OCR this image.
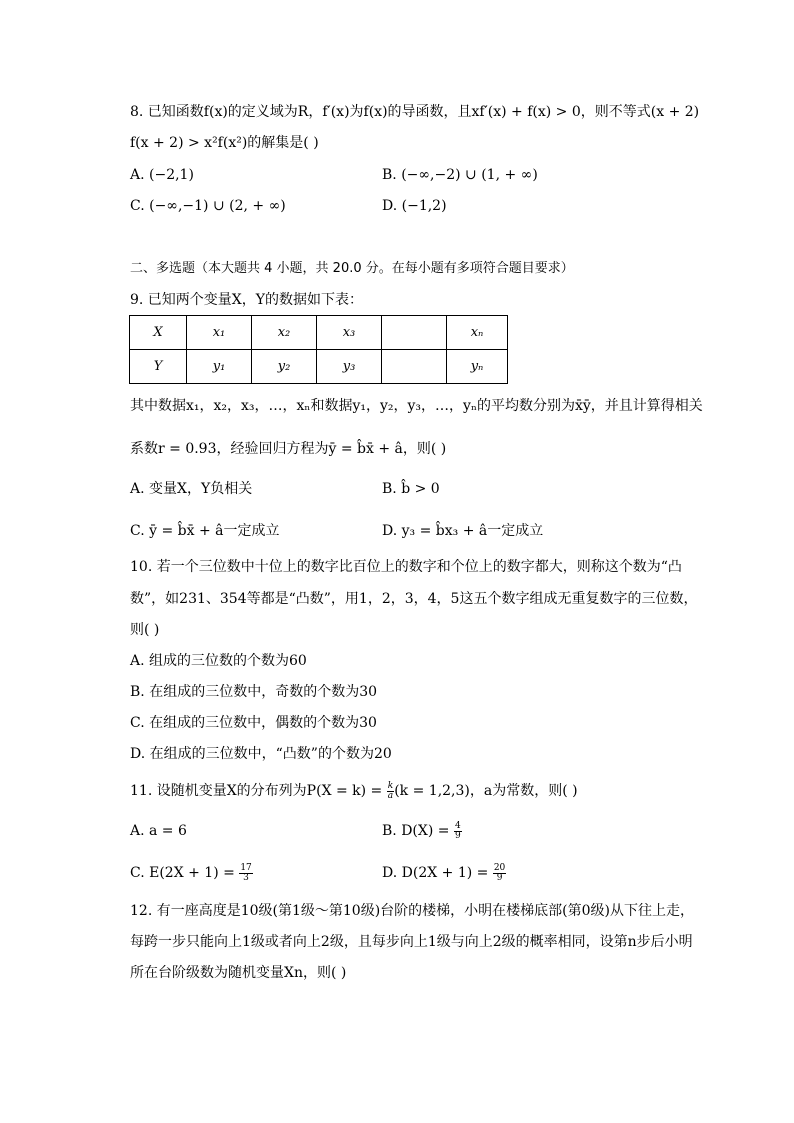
8. 已知函数f(x)的定义域为R，f′(x)为f(x)的导函数，且xf′(x) + f(x) > 0，则不等式(x + 2)
f(x + 2) > x²f(x²)的解集是( )
A. (−2,1)	B. (−∞,−2) ∪ (1, + ∞)
C. (−∞,−1) ∪ (2, + ∞)	D. (−1,2)
二、多选题（本大题共 4 小题，共 20.0 分。在每小题有多项符合题目要求）
9. 已知两个变量X，Y的数据如下表：
X	x₁	x₂	x₃		xₙ
Y	y₁	y₂	y₃		yₙ
其中数据x₁，x₂，x₃，…，xₙ和数据y₁，y₂，y₃，…，yₙ的平均数分别为x̄ȳ，并且计算得相关
系数r = 0.93，经验回归方程为ȳ = b̂x̄ + â，则( )
A. 变量X，Y负相关	B. b̂ > 0
C. ȳ = b̂x̄ + â一定成立	D. y₃ = b̂x₃ + â一定成立
10. 若一个三位数中十位上的数字比百位上的数字和个位上的数字都大，则称这个数为“凸
数”，如231、354等都是“凸数”，用1，2，3，4，5这五个数字组成无重复数字的三位数，
则( )
A. 组成的三位数的个数为60
B. 在组成的三位数中，奇数的个数为30
C. 在组成的三位数中，偶数的个数为30
D. 在组成的三位数中，“凸数”的个数为20
11. 设随机变量X的分布列为$P(X = k) = \frac{k}{a} (k = 1,2,3)$，a为常数，则( )
A. a = 6	B. $D(X) = \frac{4}{9}$
C. $E(2X + 1) = \frac{17}{3}$	D. $D(2X + 1) = \frac{20}{9}$
12. 有一座高度是10级(第1级～第10级)台阶的楼梯，小明在楼梯底部(第0级)从下往上走，
每跨一步只能向上1级或者向上2级，且每步向上1级与向上2级的概率相同，设第n步后小明
所在台阶级数为随机变量Xn，则( )
